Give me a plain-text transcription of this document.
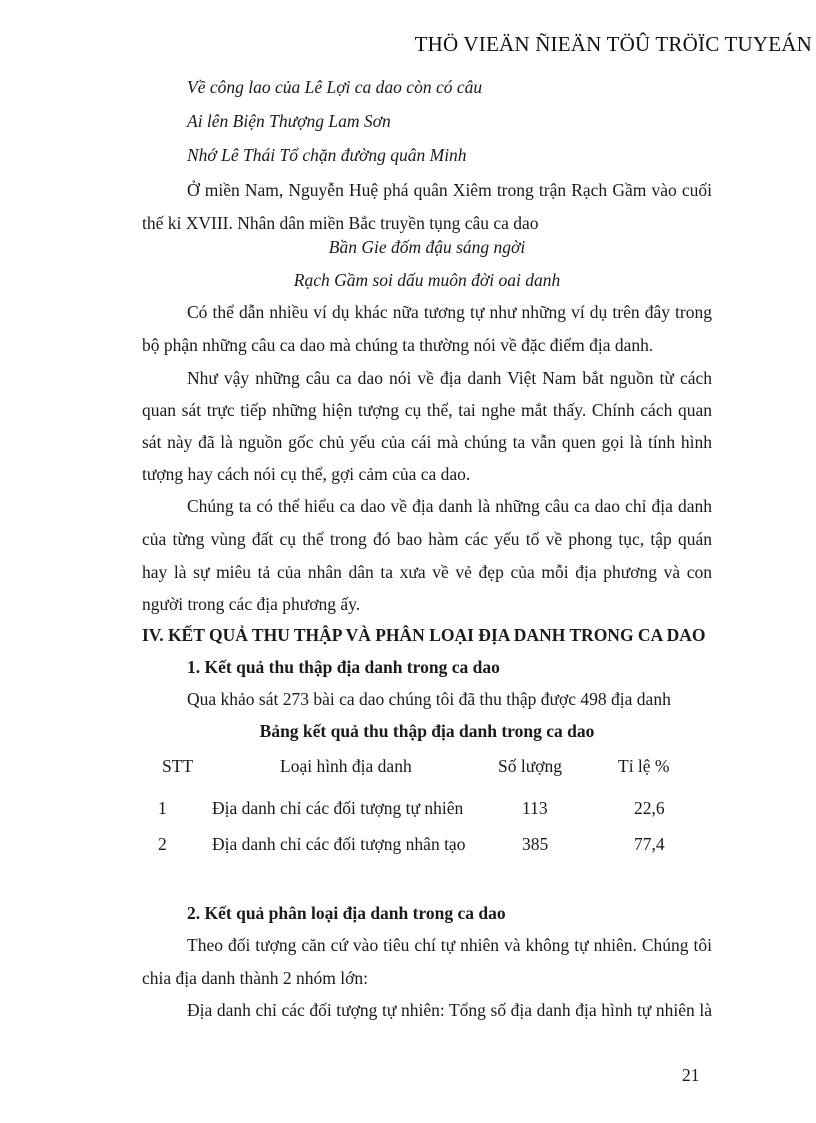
THÖ VIEÄN ÑIEÄN TÖÛ TRÖÏC TUYEÁN
Về công lao của Lê Lợi ca dao còn có câu
Ai lên Biện Thượng Lam Sơn
Nhớ Lê Thái Tổ chặn đường quân Minh
Ở miền Nam, Nguyễn Huệ phá quân Xiêm trong trận Rạch Gầm vào cuối
thế kỉ XVIII. Nhân dân miền Bắc truyền tụng câu ca dao
Bần Gie đốm đậu sáng ngời
Rạch Gầm soi dấu muôn đời oai danh
Có thể dẫn nhiều ví dụ khác nữa tương tự như những ví dụ trên đây trong
bộ phận những câu ca dao mà chúng ta thường nói về đặc điểm địa danh.
Như vậy những câu ca dao nói về địa danh Việt Nam bắt nguồn từ cách
quan sát trực tiếp những hiện tượng cụ thể, tai nghe mắt thấy. Chính cách quan
sát này đã là nguồn gốc chủ yếu của cái mà chúng ta vẫn quen gọi là tính hình
tượng hay cách nói cụ thể, gợi cảm của ca dao.
Chúng ta có thể hiểu ca dao về địa danh là những câu ca dao chỉ địa danh
của từng vùng đất cụ thể trong đó bao hàm các yếu tố về phong tục, tập quán
hay là sự miêu tả của nhân dân ta xưa về vẻ đẹp của mỗi địa phương và con
người trong các địa phương ấy.
IV. KẾT QUẢ THU THẬP VÀ PHÂN LOẠI ĐỊA DANH TRONG CA DAO
1. Kết quả thu thập địa danh trong ca dao
Qua khảo sát 273 bài ca dao chúng tôi đã thu thập được 498 địa danh
Bảng kết quả thu thập địa danh trong ca dao
STT	Loại hình địa danh	Số lượng	Tỉ lệ %
1	Địa danh chỉ các đối tượng tự nhiên	113	22,6
2	Địa danh chỉ các đối tượng nhân tạo	385	77,4
2. Kết quả phân loại địa danh trong ca dao
Theo đối tượng căn cứ vào tiêu chí tự nhiên và không tự nhiên. Chúng tôi
chia địa danh thành 2 nhóm lớn:
Địa danh chỉ các đối tượng tự nhiên: Tổng số địa danh địa hình tự nhiên là
21
